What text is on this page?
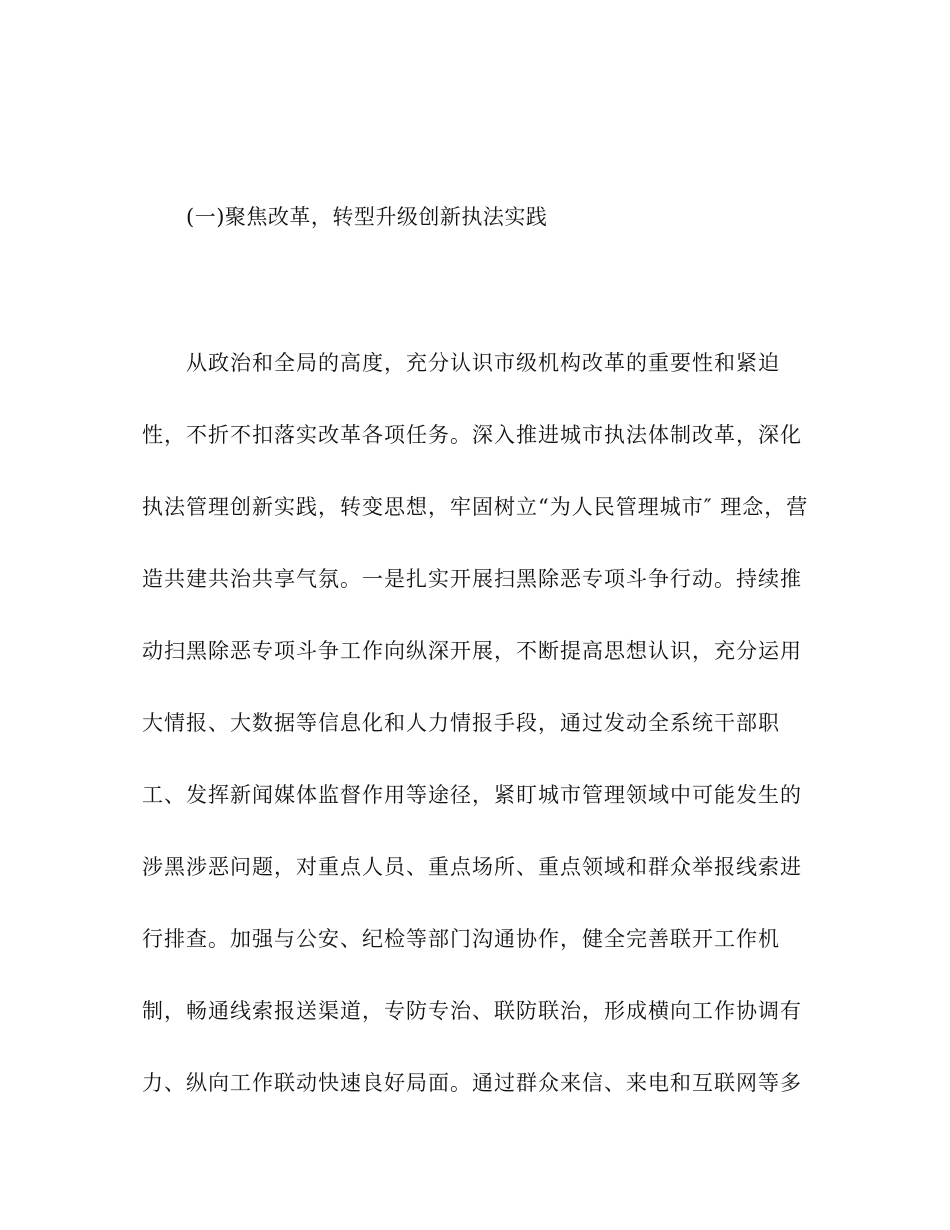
(一)聚焦改革，转型升级创新执法实践
从政治和全局的高度，充分认识市级机构改革的重要性和紧迫
性，不折不扣落实改革各项任务。深入推进城市执法体制改革，深化
执法管理创新实践，转变思想，牢固树立“为人民管理城市″ 理念，营
造共建共治共享气氛。一是扎实开展扫黑除恶专项斗争行动。持续推
动扫黑除恶专项斗争工作向纵深开展，不断提高思想认识，充分运用
大情报、大数据等信息化和人力情报手段，通过发动全系统干部职
工、发挥新闻媒体监督作用等途径，紧盯城市管理领域中可能发生的
涉黑涉恶问题，对重点人员、重点场所、重点领域和群众举报线索进
行排查。加强与公安、纪检等部门沟通协作，健全完善联开工作机
制，畅通线索报送渠道，专防专治、联防联治，形成横向工作协调有
力、纵向工作联动快速良好局面。通过群众来信、来电和互联网等多
